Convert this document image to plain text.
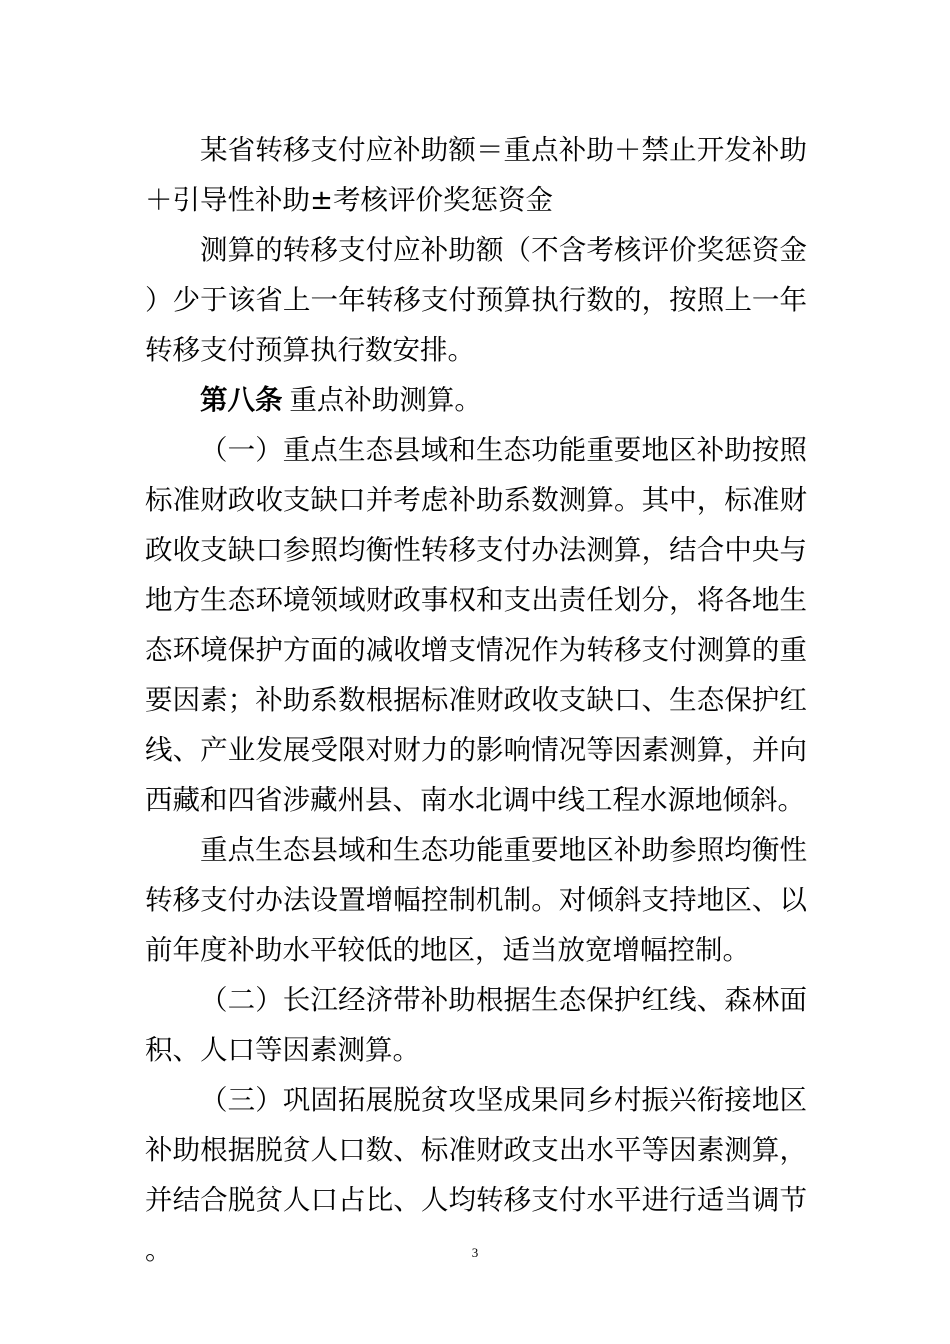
某省转移支付应补助额＝重点补助＋禁止开发补助＋引导性补助±考核评价奖惩资金

测算的转移支付应补助额（不含考核评价奖惩资金）少于该省上一年转移支付预算执行数的，按照上一年转移支付预算执行数安排。

第八条  重点补助测算。

（一）重点生态县域和生态功能重要地区补助按照标准财政收支缺口并考虑补助系数测算。其中，标准财政收支缺口参照均衡性转移支付办法测算，结合中央与地方生态环境领域财政事权和支出责任划分，将各地生态环境保护方面的减收增支情况作为转移支付测算的重要因素；补助系数根据标准财政收支缺口、生态保护红线、产业发展受限对财力的影响情况等因素测算，并向西藏和四省涉藏州县、南水北调中线工程水源地倾斜。

重点生态县域和生态功能重要地区补助参照均衡性转移支付办法设置增幅控制机制。对倾斜支持地区、以前年度补助水平较低的地区，适当放宽增幅控制。

（二）长江经济带补助根据生态保护红线、森林面积、人口等因素测算。

（三）巩固拓展脱贫攻坚成果同乡村振兴衔接地区补助根据脱贫人口数、标准财政支出水平等因素测算，并结合脱贫人口占比、人均转移支付水平进行适当调节。	3
